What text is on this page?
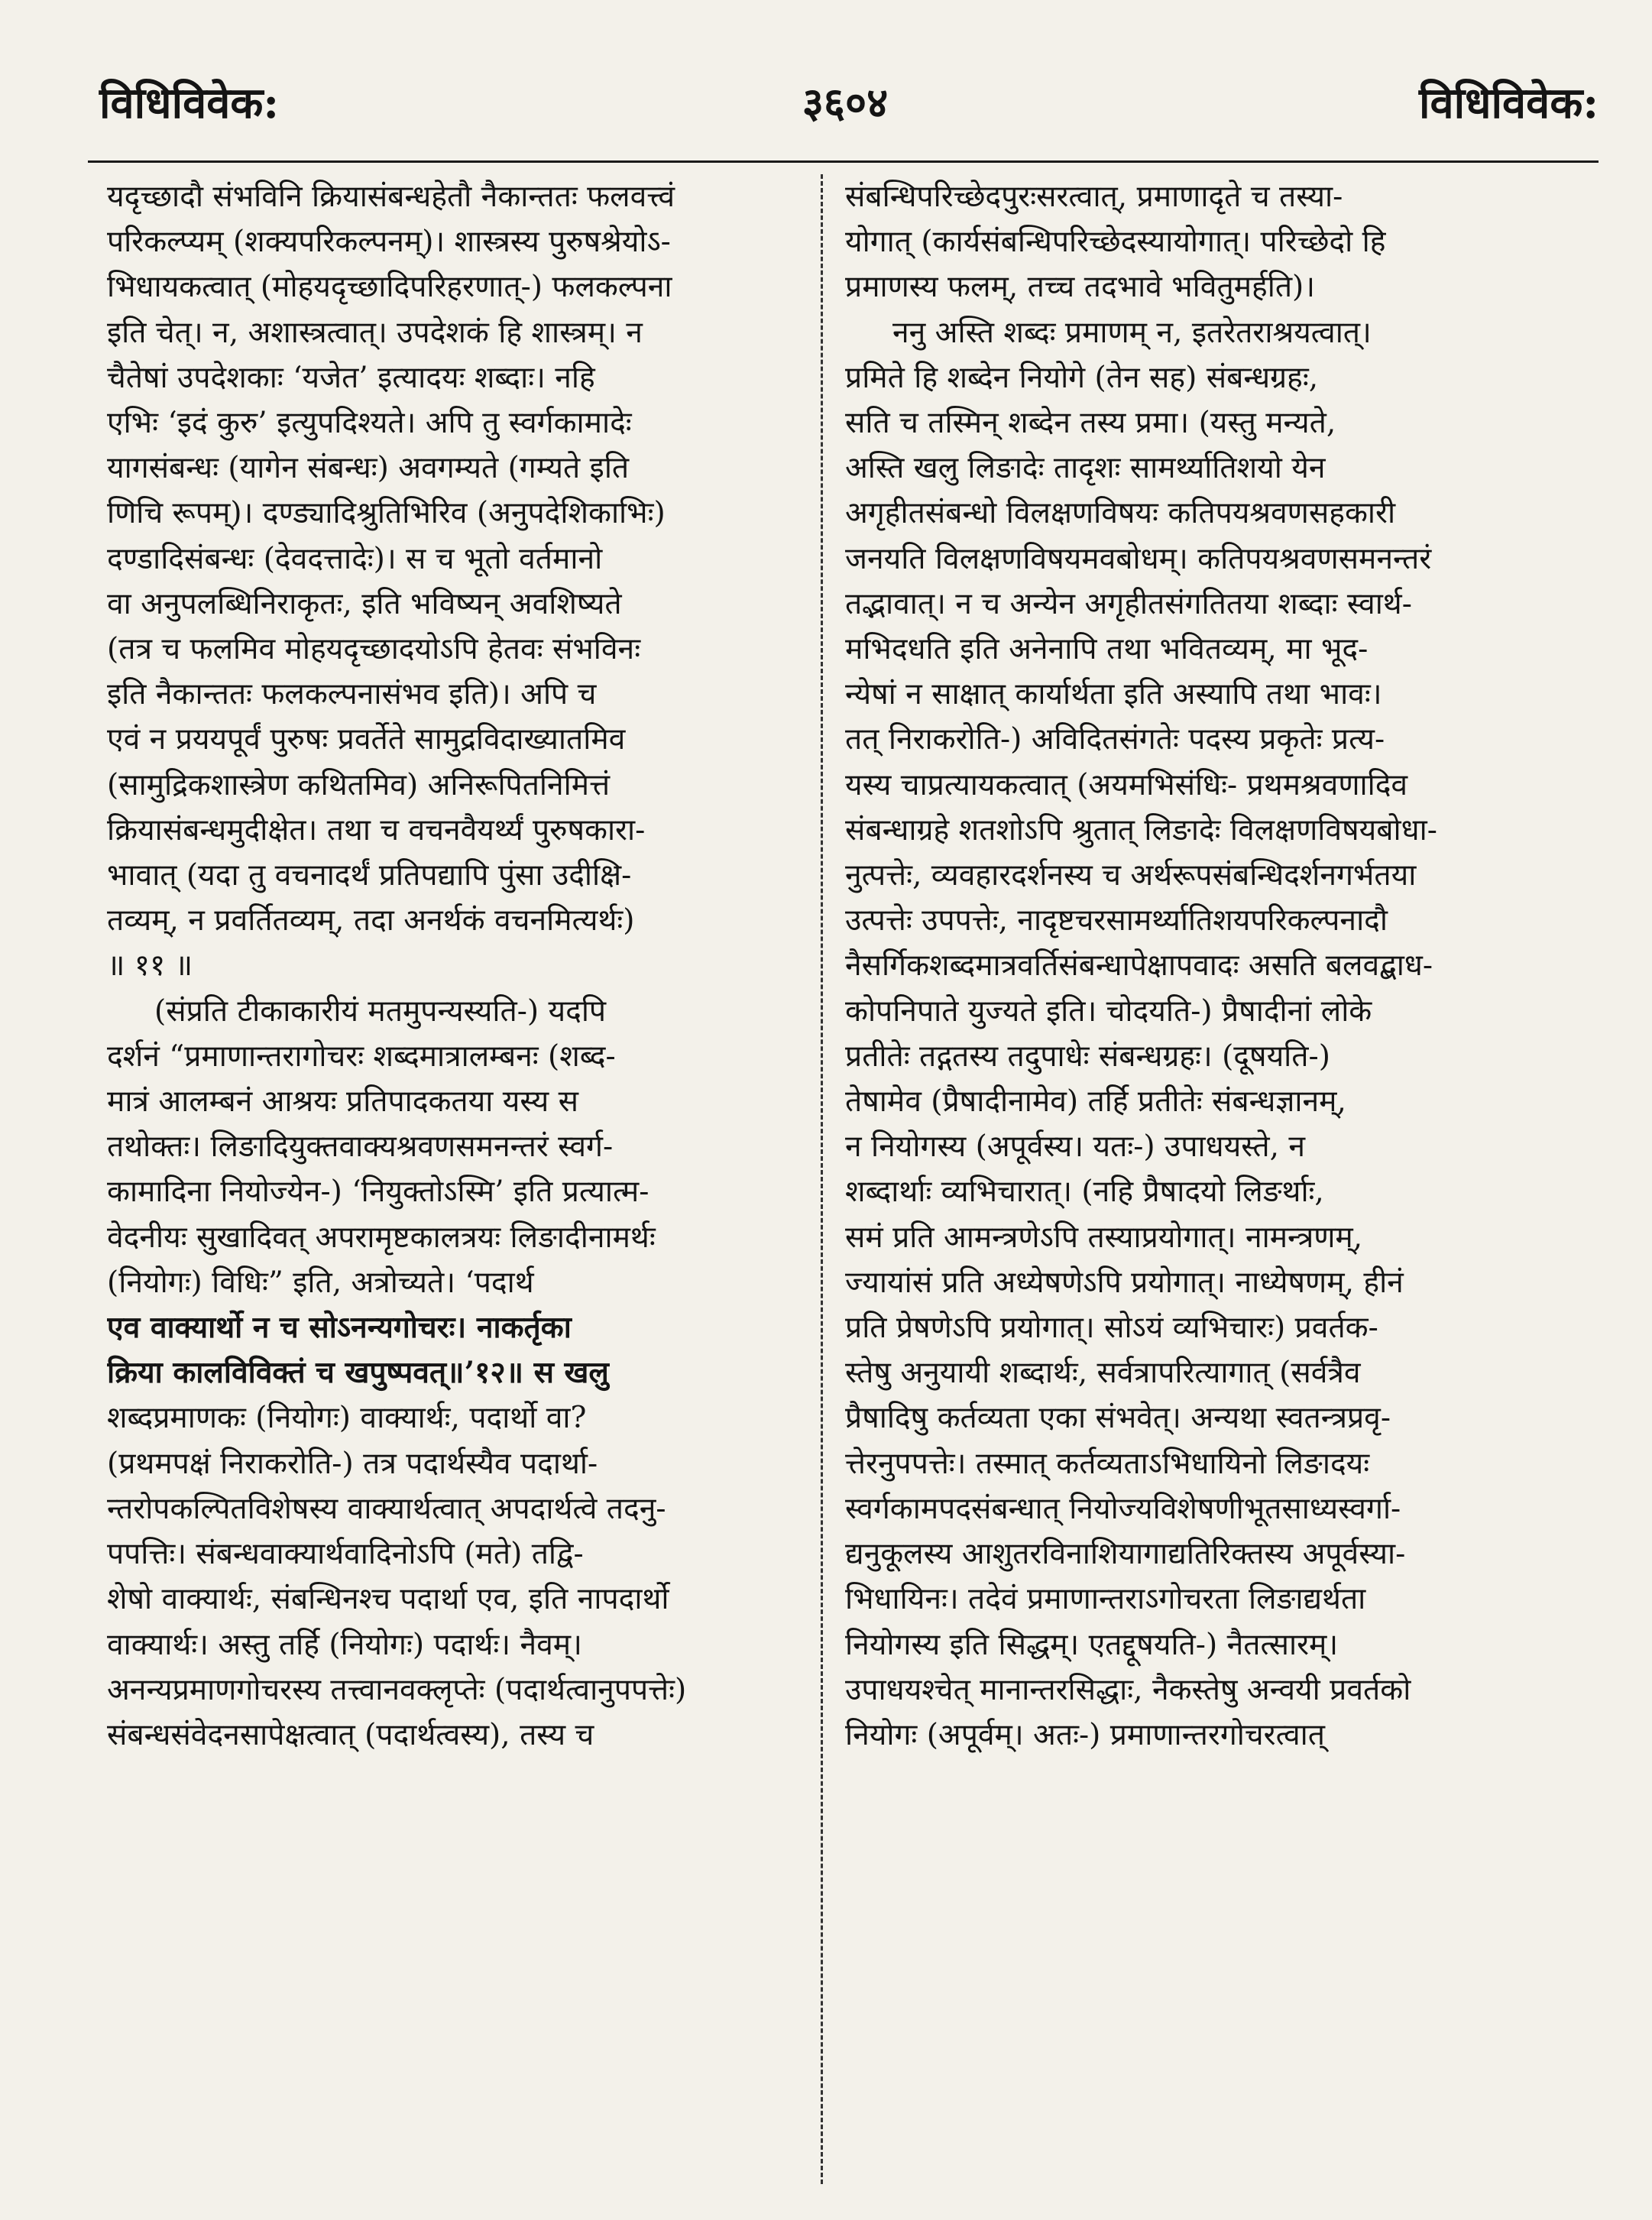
विधिविवेक:	३६०४	विधिविवेक:
यदृच्छादौ संभविनि क्रियासंबन्धहेतौ नैकान्ततः फलवत्त्वं
परिकल्प्यम् (शक्यपरिकल्पनम्)। शास्त्रस्य पुरुषश्रेयोऽ-
भिधायकत्वात् (मोहयदृच्छादिपरिहरणात्-) फलकल्पना
इति चेत्। न, अशास्त्रत्वात्। उपदेशकं हि शास्त्रम्। न
चैतेषां उपदेशकाः ‘यजेत’ इत्यादयः शब्दाः। नहि
एभिः ‘इदं कुरु’ इत्युपदिश्यते। अपि तु स्वर्गकामादेः
यागसंबन्धः (यागेन संबन्धः) अवगम्यते (गम्यते इति
णिचि रूपम्)। दण्ड्यादिश्रुतिभिरिव (अनुपदेशिकाभिः)
दण्डादिसंबन्धः (देवदत्तादेः)। स च भूतो वर्तमानो
वा अनुपलब्धिनिराकृतः, इति भविष्यन् अवशिष्यते
(तत्र च फलमिव मोहयदृच्छादयोऽपि हेतवः संभविनः
इति नैकान्ततः फलकल्पनासंभव इति)। अपि च
एवं न प्रययपूर्वं पुरुषः प्रवर्तेते सामुद्रविदाख्यातमिव
(सामुद्रिकशास्त्रेण कथितमिव) अनिरूपितनिमित्तं
क्रियासंबन्धमुदीक्षेत। तथा च वचनवैयर्थ्यं पुरुषकारा-
भावात् (यदा तु वचनादर्थं प्रतिपद्यापि पुंसा उदीक्षि-
तव्यम्, न प्रवर्तितव्यम्, तदा अनर्थकं वचनमित्यर्थः)
॥ ११ ॥
(संप्रति टीकाकारीयं मतमुपन्यस्यति-) यदपि
दर्शनं “प्रमाणान्तरागोचरः शब्दमात्रालम्बनः (शब्द-
मात्रं आलम्बनं आश्रयः प्रतिपादकतया यस्य स
तथोक्तः। लिङादियुक्तवाक्यश्रवणसमनन्तरं स्वर्ग-
कामादिना नियोज्येन-) ‘नियुक्तोऽस्मि’ इति प्रत्यात्म-
वेदनीयः सुखादिवत् अपरामृष्टकालत्रयः लिङादीनामर्थः
(नियोगः) विधिः” इति, अत्रोच्यते। ‘पदार्थ
एव वाक्यार्थो न च सोऽनन्यगोचरः। नाकर्तृका
क्रिया कालविविक्तं च खपुष्पवत्॥’१२॥ स खलु
शब्दप्रमाणकः (नियोगः) वाक्यार्थः, पदार्थो वा?
(प्रथमपक्षं निराकरोति-) तत्र पदार्थस्यैव पदार्था-
न्तरोपकल्पितविशेषस्य वाक्यार्थत्वात् अपदार्थत्वे तदनु-
पपत्तिः। संबन्धवाक्यार्थवादिनोऽपि (मते) तद्वि-
शेषो वाक्यार्थः, संबन्धिनश्च पदार्था एव, इति नापदार्थो
वाक्यार्थः। अस्तु तर्हि (नियोगः) पदार्थः। नैवम्।
अनन्यप्रमाणगोचरस्य तत्त्वानवक्लृप्तेः (पदार्थत्वानुपपत्तेः)
संबन्धसंवेदनसापेक्षत्वात् (पदार्थत्वस्य), तस्य च
संबन्धिपरिच्छेदपुरःसरत्वात्, प्रमाणादृते च तस्या-
योगात् (कार्यसंबन्धिपरिच्छेदस्यायोगात्। परिच्छेदो हि
प्रमाणस्य फलम्, तच्च तदभावे भवितुमर्हति)।
ननु अस्ति शब्दः प्रमाणम् न, इतरेतराश्रयत्वात्।
प्रमिते हि शब्देन नियोगे (तेन सह) संबन्धग्रहः,
सति च तस्मिन् शब्देन तस्य प्रमा। (यस्तु मन्यते,
अस्ति खलु लिङादेः तादृशः सामर्थ्यातिशयो येन
अगृहीतसंबन्धो विलक्षणविषयः कतिपयश्रवणसहकारी
जनयति विलक्षणविषयमवबोधम्। कतिपयश्रवणसमनन्तरं
तद्भावात्। न च अन्येन अगृहीतसंगतितया शब्दाः स्वार्थ-
मभिदधति इति अनेनापि तथा भवितव्यम्, मा भूद-
न्येषां न साक्षात् कार्यार्थता इति अस्यापि तथा भावः।
तत् निराकरोति-) अविदितसंगतेः पदस्य प्रकृतेः प्रत्य-
यस्य चाप्रत्यायकत्वात् (अयमभिसंधिः- प्रथमश्रवणादिव
संबन्धाग्रहे शतशोऽपि श्रुतात् लिङादेः विलक्षणविषयबोधा-
नुत्पत्तेः, व्यवहारदर्शनस्य च अर्थरूपसंबन्धिदर्शनगर्भतया
उत्पत्तेः उपपत्तेः, नादृष्टचरसामर्थ्यातिशयपरिकल्पनादौ
नैसर्गिकशब्दमात्रवर्तिसंबन्धापेक्षापवादः असति बलवद्बाध-
कोपनिपाते युज्यते इति। चोदयति-) प्रैषादीनां लोके
प्रतीतेः तद्गतस्य तदुपाधेः संबन्धग्रहः। (दूषयति-)
तेषामेव (प्रैषादीनामेव) तर्हि प्रतीतेः संबन्धज्ञानम्,
न नियोगस्य (अपूर्वस्य। यतः-) उपाधयस्ते, न
शब्दार्थाः व्यभिचारात्। (नहि प्रैषादयो लिङर्थाः,
समं प्रति आमन्त्रणेऽपि तस्याप्रयोगात्। नामन्त्रणम्,
ज्यायांसं प्रति अध्येषणेऽपि प्रयोगात्। नाध्येषणम्, हीनं
प्रति प्रेषणेऽपि प्रयोगात्। सोऽयं व्यभिचारः) प्रवर्तक-
स्तेषु अनुयायी शब्दार्थः, सर्वत्रापरित्यागात् (सर्वत्रैव
प्रैषादिषु कर्तव्यता एका संभवेत्। अन्यथा स्वतन्त्रप्रवृ-
त्तेरनुपपत्तेः। तस्मात् कर्तव्यताऽभिधायिनो लिङादयः
स्वर्गकामपदसंबन्धात् नियोज्यविशेषणीभूतसाध्यस्वर्गा-
द्यनुकूलस्य आशुतरविनाशियागाद्यतिरिक्तस्य अपूर्वस्या-
भिधायिनः। तदेवं प्रमाणान्तराऽगोचरता लिङाद्यर्थता
नियोगस्य इति सिद्धम्। एतद्दूषयति-) नैतत्सारम्।
उपाधयश्चेत् मानान्तरसिद्धाः, नैकस्तेषु अन्वयी प्रवर्तको
नियोगः (अपूर्वम्। अतः-) प्रमाणान्तरगोचरत्वात्
